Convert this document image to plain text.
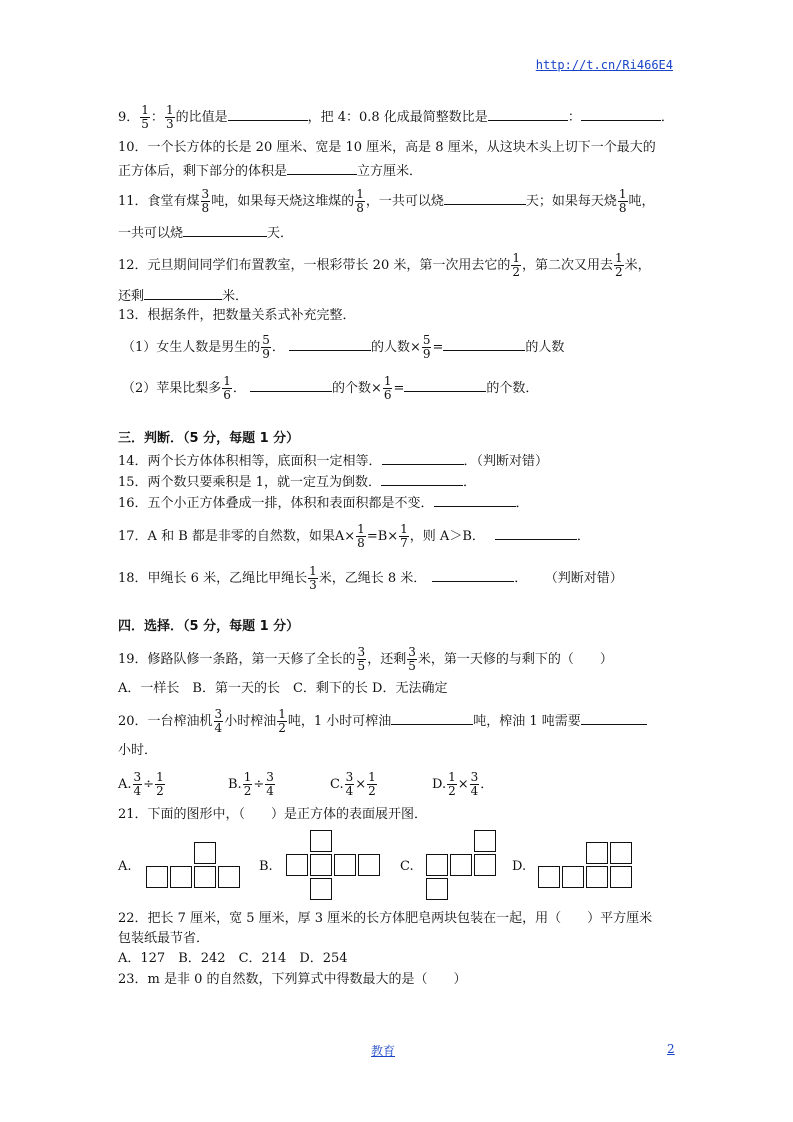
http://t.cn/Ri466E4
9． $\frac{1}{5}$ ： $\frac{1}{3}$ 的比值是	，把 4：0.8 化成最简整数比是	：	．
10．一个长方体的长是 20 厘米、宽是 10 厘米，高是 8 厘米，从这块木头上切下一个最大的
正方体后，剩下部分的体积是	立方厘米．
11．食堂有煤 $\frac{3}{8}$ 吨，如果每天烧这堆煤的 $\frac{1}{8}$ ，一共可以烧	天；如果每天烧 $\frac{1}{8}$ 吨，
一共可以烧	天．
12．元旦期间同学们布置教室，一根彩带长 20 米，第一次用去它的 $\frac{1}{2}$ ，第二次又用去 $\frac{1}{2}$ 米，
还剩	米．
13．根据条件，把数量关系式补充完整．
（1）女生人数是男生的 $\frac{5}{9}$ ．	的人数× $\frac{5}{9}$ =	的人数
（2）苹果比梨多 $\frac{1}{6}$ ．	的个数× $\frac{1}{6}$ =	的个数．
三．判断．（5 分，每题 1 分）
14．两个长方体体积相等，底面积一定相等．	．（判断对错）
15．两个数只要乘积是 1，就一定互为倒数．	．
16．五个小正方体叠成一排，体积和表面积都是不变．	．
17．A 和 B 都是非零的自然数，如果$A\times \frac{1}{8} =B\times \frac{1}{7}$ ，则 A＞B．	．
18．甲绳长 6 米，乙绳比甲绳长 $\frac{1}{3}$ 米，乙绳长 8 米．	． （判断对错）
四．选择．（5 分，每题 1 分）
19．修路队修一条路，第一天修了全长的 $\frac{3}{5}$ ，还剩 $\frac{3}{5}$ 米，第一天修的与剩下的（　　）
A．一样长　B．第一天的长　C．剩下的长 D．无法确定
20．一台榨油机 $\frac{3}{4}$ 小时榨油 $\frac{1}{2}$ 吨，1 小时可榨油	吨，榨油 1 吨需要
小时．
A. $\frac{3}{4} \div \frac{1}{2}$	B. $\frac{1}{2} \div \frac{3}{4}$	C. $\frac{3}{4} \times \frac{1}{2}$	D. $\frac{1}{2} \times \frac{3}{4}$ ．
21．下面的图形中，（　　）是正方体的表面展开图．
A.	B.	C.	D.
22．把长 7 厘米，宽 5 厘米，厚 3 厘米的长方体肥皂两块包装在一起，用（　　）平方厘米
包装纸最节省．
A．127　B．242　C．214　D．254
23．m 是非 0 的自然数，下列算式中得数最大的是（　　）
教育	2
